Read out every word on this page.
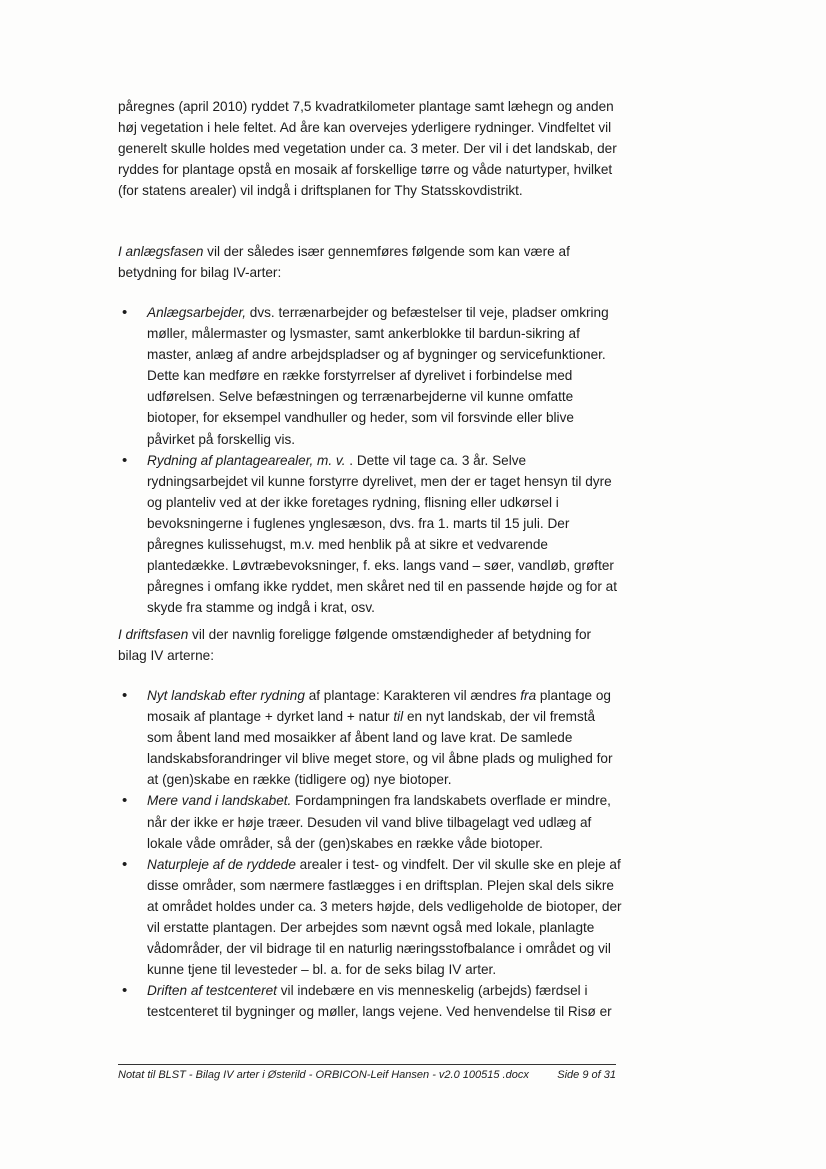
påregnes (april 2010) ryddet 7,5 kvadratkilometer plantage samt læhegn og anden høj vegetation i hele feltet. Ad åre kan overvejes yderligere rydninger. Vindfeltet vil generelt skulle holdes med vegetation under ca. 3 meter. Der vil i det landskab, der ryddes for plantage opstå en mosaik af forskellige tørre og våde naturtyper, hvilket (for statens arealer) vil indgå i driftsplanen for Thy Statsskovdistrikt.

I anlægsfasen vil der således især gennemføres følgende som kan være af betydning for bilag IV-arter:

• Anlægsarbejder, dvs. terrænarbejder og befæstelser til veje, pladser omkring møller, målermaster og lysmaster, samt ankerblokke til bardun-sikring af master, anlæg af andre arbejdspladser og af bygninger og servicefunktioner. Dette kan medføre en række forstyrrelser af dyrelivet i forbindelse med udførelsen. Selve befæstningen og terrænarbejderne vil kunne omfatte biotoper, for eksempel vandhuller og heder, som vil forsvinde eller blive påvirket på forskellig vis.
• Rydning af plantagearealer, m. v. . Dette vil tage ca. 3 år. Selve rydningsarbejdet vil kunne forstyrre dyrelivet, men der er taget hensyn til dyre og planteliv ved at der ikke foretages rydning, flisning eller udkørsel i bevoksningerne i fuglenes ynglesæson, dvs. fra 1. marts til 15 juli. Der påregnes kulissehugst, m.v. med henblik på at sikre et vedvarende plantedække. Løvtræbevoksninger, f. eks. langs vand – søer, vandløb, grøfter påregnes i omfang ikke ryddet, men skåret ned til en passende højde og for at skyde fra stamme og indgå i krat, osv.

I driftsfasen vil der navnlig foreligge følgende omstændigheder af betydning for bilag IV arterne:

• Nyt landskab efter rydning af plantage: Karakteren vil ændres fra plantage og mosaik af plantage + dyrket land + natur til en nyt landskab, der vil fremstå som åbent land med mosaikker af åbent land og lave krat. De samlede landskabsforandringer vil blive meget store, og vil åbne plads og mulighed for at (gen)skabe en række (tidligere og) nye biotoper.
• Mere vand i landskabet. Fordampningen fra landskabets overflade er mindre, når der ikke er høje træer. Desuden vil vand blive tilbagelagt ved udlæg af lokale våde områder, så der (gen)skabes en række våde biotoper.
• Naturpleje af de ryddede arealer i test- og vindfelt. Der vil skulle ske en pleje af disse områder, som nærmere fastlægges i en driftsplan. Plejen skal dels sikre at området holdes under ca. 3 meters højde, dels vedligeholde de biotoper, der vil erstatte plantagen. Der arbejdes som nævnt også med lokale, planlagte vådområder, der vil bidrage til en naturlig næringsstofbalance i området og vil kunne tjene til levesteder – bl. a. for de seks bilag IV arter.
• Driften af testcenteret vil indebære en vis menneskelig (arbejds) færdsel i testcenteret til bygninger og møller, langs vejene. Ved henvendelse til Risø er
Notat til BLST - Bilag IV arter i Østerild - ORBICON-Leif Hansen - v2.0 100515 .docx	Side 9 of 31
